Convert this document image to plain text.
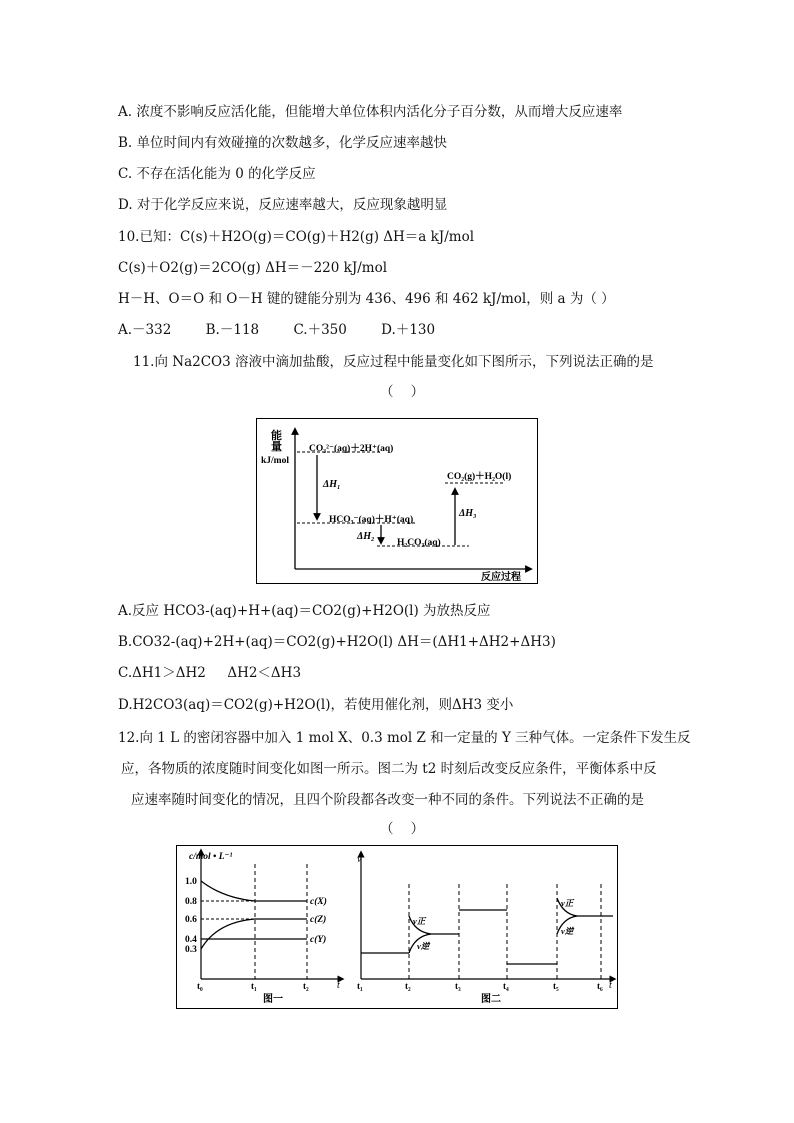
A. 浓度不影响反应活化能，但能增大单位体积内活化分子百分数，从而增大反应速率
B. 单位时间内有效碰撞的次数越多，化学反应速率越快
C. 不存在活化能为 0 的化学反应
D. 对于化学反应来说，反应速率越大，反应现象越明显
10.已知：C(s)＋H2O(g)＝CO(g)＋H2(g) ΔH＝a kJ/mol
C(s)＋O2(g)＝2CO(g) ΔH＝－220 kJ/mol
H－H、O＝O 和 O－H 键的键能分别为 436、496 和 462 kJ/mol，则 a 为（ ）
A.－332        B.－118        C.＋350        D.＋130
11.向 Na2CO3 溶液中滴加盐酸，反应过程中能量变化如下图所示，下列说法正确的是
（    ）
能
量
kJ/mol
反应过程
CO₃²⁻(aq)＋2H⁺(aq)
HCO₃⁻(aq)＋H⁺(aq)
H₂CO₃(aq)
CO₂(g)＋H₂O(l)
ΔH₁
ΔH₂
ΔH₃
A.反应 HCO3-(aq)+H+(aq)＝CO2(g)+H2O(l) 为放热反应
B.CO32-(aq)+2H+(aq)＝CO2(g)+H2O(l) ΔH＝(ΔH1+ΔH2+ΔH3)
C.ΔH1＞ΔH2     ΔH2＜ΔH3
D.H2CO3(aq)＝CO2(g)+H2O(l)，若使用催化剂，则ΔH3 变小
12.向 1 L 的密闭容器中加入 1 mol X、0.3 mol Z 和一定量的 Y 三种气体。一定条件下发生反
应，各物质的浓度随时间变化如图一所示。图二为 t2 时刻后改变反应条件，平衡体系中反
应速率随时间变化的情况，且四个阶段都各改变一种不同的条件。下列说法不正确的是
（    ）
c/mol • L⁻¹
t
图一
1.0
0.8
0.6
0.4
0.3
c(X)
c(Z)
c(Y)
t₀	t₁	t₂
v
t
图二
v正
v逆
v正
v逆
t₁	t₂	t₃	t₄	t₅	t₆
